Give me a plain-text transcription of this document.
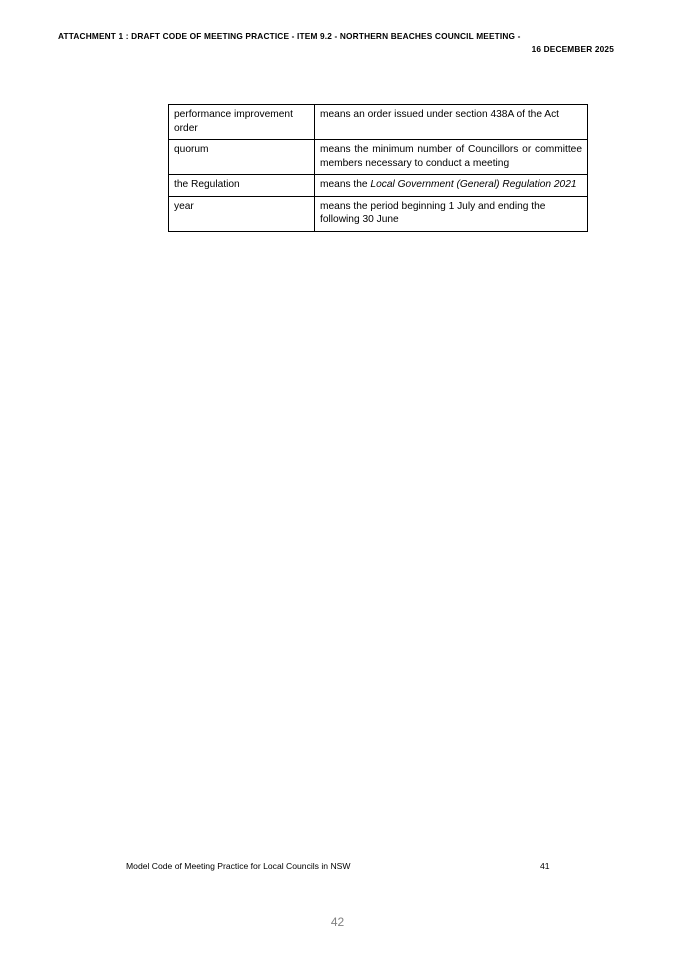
ATTACHMENT 1 : DRAFT CODE OF MEETING PRACTICE - ITEM 9.2 - NORTHERN BEACHES COUNCIL MEETING -
16 DECEMBER 2025
performance improvement order	means an order issued under section 438A of the Act
quorum	means the minimum number of Councillors or committee members necessary to conduct a meeting
the Regulation	means the Local Government (General) Regulation 2021
year	means the period beginning 1 July and ending the following 30 June
Model Code of Meeting Practice for Local Councils in NSW	41
42
